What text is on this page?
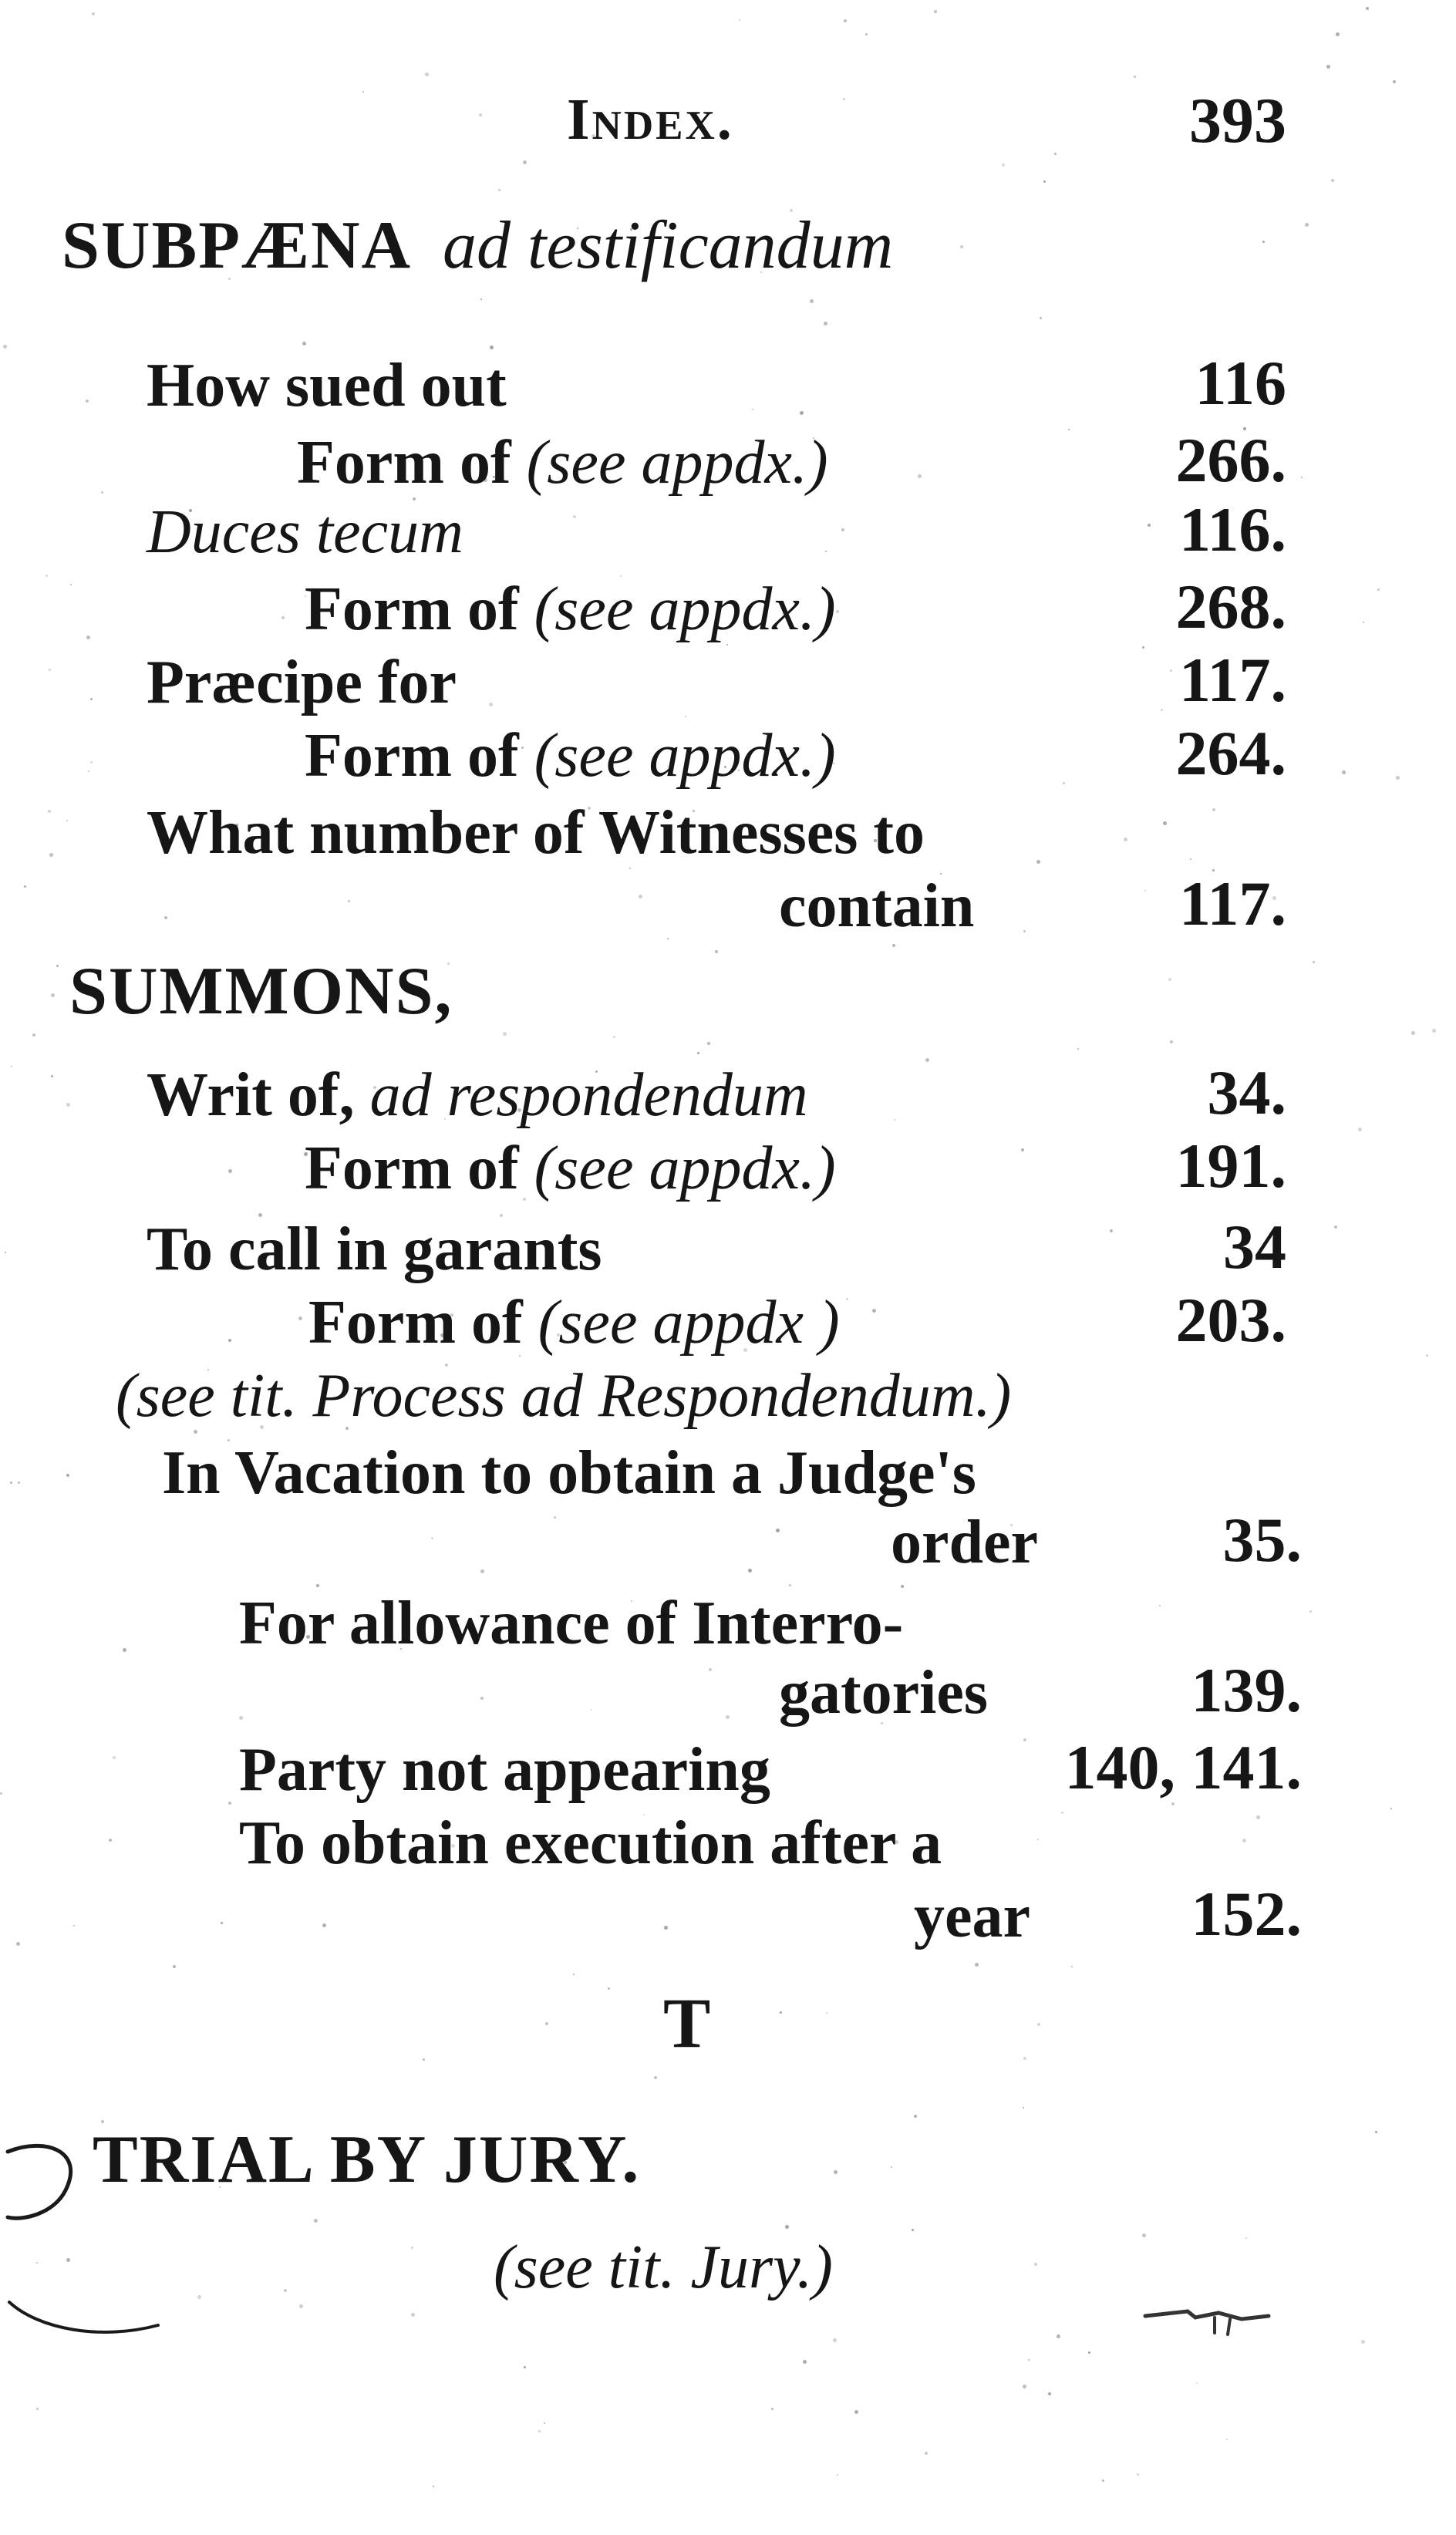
Index.	393
SUBPÆNA ad testificandum
How sued out	116
Form of (see appdx.)	266.
Duces tecum	116.
Form of (see appdx.)	268.
Præcipe for	117.
Form of (see appdx.)	264.
What number of Witnesses to
contain	117.
SUMMONS,
Writ of, ad respondendum	34.
Form of (see appdx.)	191.
To call in garants	34
Form of (see appdx )	203.
(see tit. Process ad Respondendum.)
In Vacation to obtain a Judge's
order	35.
For allowance of Interro-
gatories	139.
Party not appearing	140, 141.
To obtain execution after a
year	152.
T
TRIAL BY JURY.
(see tit. Jury.)
